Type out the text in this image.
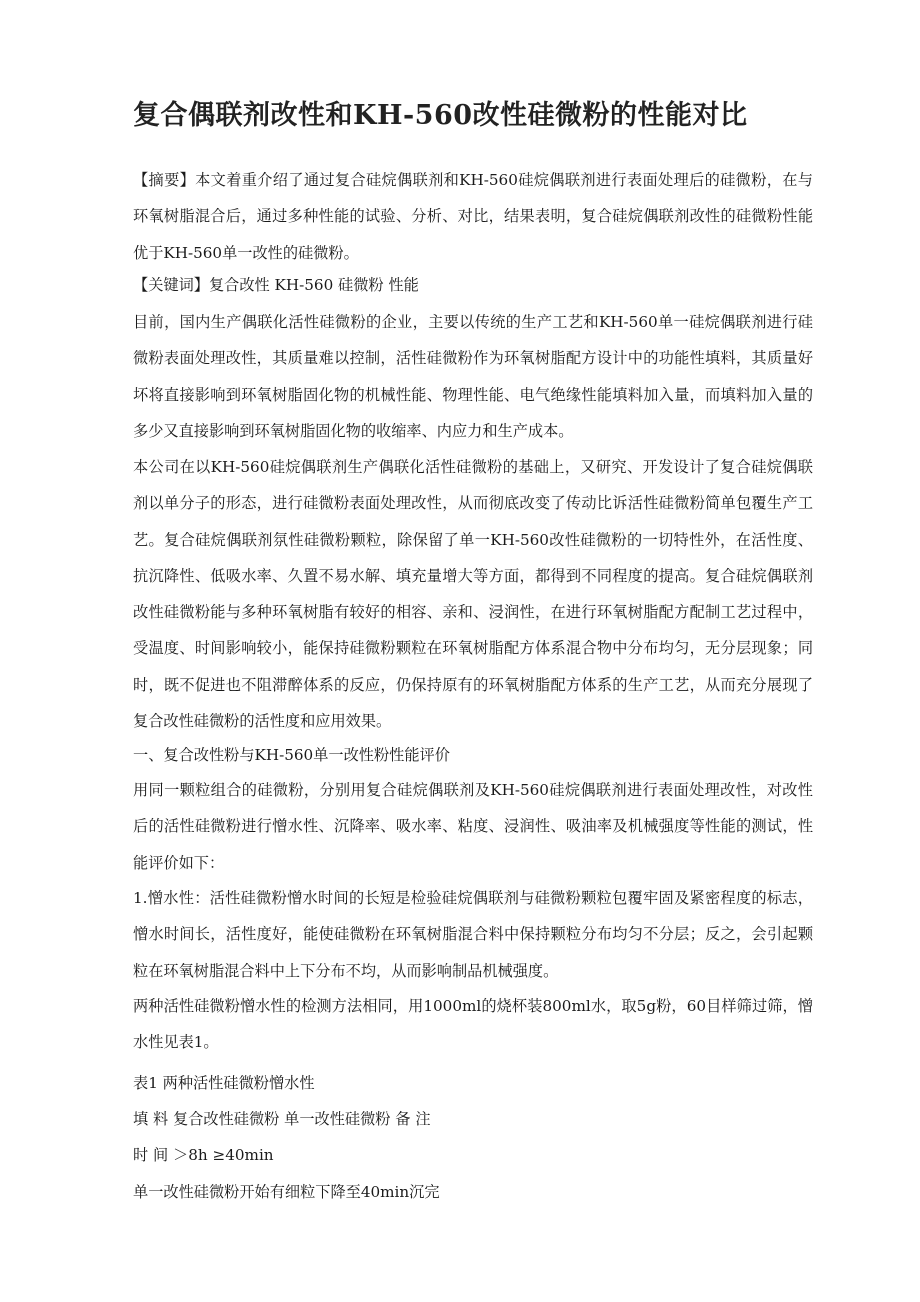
复合偶联剂改性和KH-560改性硅微粉的性能对比

【摘要】本文着重介绍了通过复合硅烷偶联剂和KH-560硅烷偶联剂进行表面处理后的硅微粉，在与环氧树脂混合后，通过多种性能的试验、分析、对比，结果表明，复合硅烷偶联剂改性的硅微粉性能优于KH-560单一改性的硅微粉。

【关键词】复合改性 KH-560 硅微粉 性能

目前，国内生产偶联化活性硅微粉的企业，主要以传统的生产工艺和KH-560单一硅烷偶联剂进行硅微粉表面处理改性，其质量难以控制，活性硅微粉作为环氧树脂配方设计中的功能性填料，其质量好坏将直接影响到环氧树脂固化物的机械性能、物理性能、电气绝缘性能填料加入量，而填料加入量的多少又直接影响到环氧树脂固化物的收缩率、内应力和生产成本。

本公司在以KH-560硅烷偶联剂生产偶联化活性硅微粉的基础上，又研究、开发设计了复合硅烷偶联剂以单分子的形态，进行硅微粉表面处理改性，从而彻底改变了传动比诉活性硅微粉简单包覆生产工艺。复合硅烷偶联剂氛性硅微粉颗粒，除保留了单一KH-560改性硅微粉的一切特性外，在活性度、抗沉降性、低吸水率、久置不易水解、填充量增大等方面，都得到不同程度的提高。复合硅烷偶联剂改性硅微粉能与多种环氧树脂有较好的相容、亲和、浸润性，在进行环氧树脂配方配制工艺过程中，受温度、时间影响较小，能保持硅微粉颗粒在环氧树脂配方体系混合物中分布均匀，无分层现象；同时，既不促进也不阻滞醉体系的反应，仍保持原有的环氧树脂配方体系的生产工艺，从而充分展现了复合改性硅微粉的活性度和应用效果。

一、复合改性粉与KH-560单一改性粉性能评价

用同一颗粒组合的硅微粉，分别用复合硅烷偶联剂及KH-560硅烷偶联剂进行表面处理改性，对改性后的活性硅微粉进行憎水性、沉降率、吸水率、粘度、浸润性、吸油率及机械强度等性能的测试，性能评价如下：

1.憎水性：活性硅微粉憎水时间的长短是检验硅烷偶联剂与硅微粉颗粒包覆牢固及紧密程度的标志，憎水时间长，活性度好，能使硅微粉在环氧树脂混合料中保持颗粒分布均匀不分层；反之，会引起颗粒在环氧树脂混合料中上下分布不均，从而影响制品机械强度。

两种活性硅微粉憎水性的检测方法相同，用1000ml的烧杯装800ml水，取5g粉，60目样筛过筛，憎水性见表1。

表1 两种活性硅微粉憎水性

填 料 复合改性硅微粉 单一改性硅微粉 备 注

时 间 ＞8h ≥40min

单一改性硅微粉开始有细粒下降至40min沉完
